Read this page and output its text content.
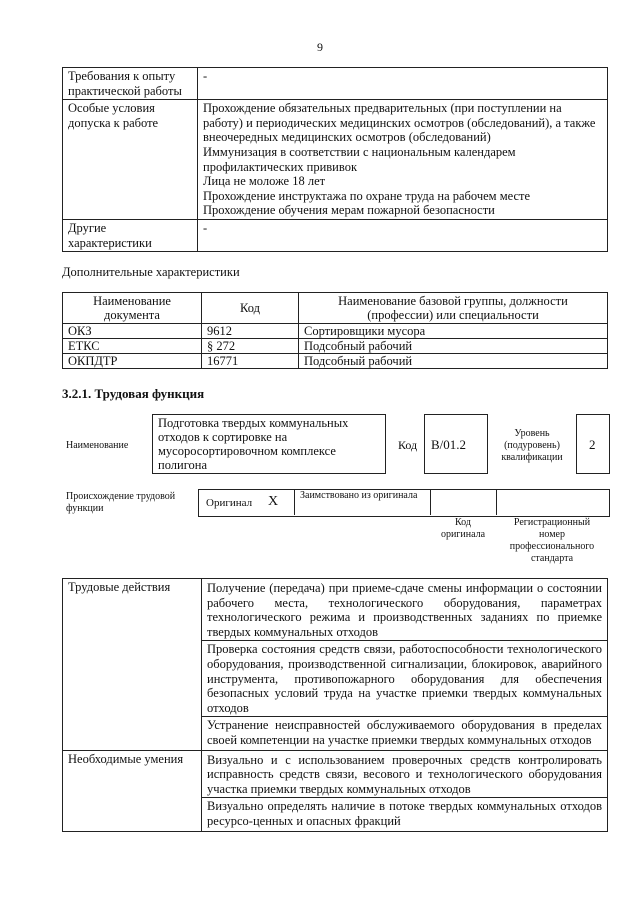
9
Требования к опыту практической работы	-

Особые условия допуска к работе	Прохождение обязательных предварительных (при поступлении на работу) и периодических медицинских осмотров (обследований), а также внеочередных медицинских осмотров (обследований)

Иммунизация в соответствии с национальным календарем профилактических прививок

Лица не моложе 18 лет

Прохождение инструктажа по охране труда на рабочем месте

Прохождение обучения мерам пожарной безопасности

Другие характеристики	-

Дополнительные характеристики
Наименование документа	Код	Наименование базовой группы, должности (профессии) или специальности
ОКЗ	9612	Сортировщики мусора
ЕТКС	§ 272	Подсобный рабочий
ОКПДТР	16771	Подсобный рабочий
3.2.1. Трудовая функция
Наименование
Подготовка твердых коммунальных отходов к сортировке на мусоросортировочном комплексе полигона
Код	В/01.2
Уровень (подуровень) квалификации
2
Происхождение трудовой функции	Оригинал X Заимствовано из оригинала
Код оригинала
Регистрационный номер профессионального стандарта
Трудовые действия	Получение (передача) при приеме-сдаче смены информации о состоянии рабочего места, технологического оборудования, параметрах технологического режима и производственных заданиях по приемке твердых коммунальных отходов

Проверка состояния средств связи, работоспособности технологического оборудования, производственной сигнализации, блокировок, аварийного инструмента, противопожарного оборудования для обеспечения безопасных условий труда на участке приемки твердых коммунальных отходов

Устранение неисправностей обслуживаемого оборудования в пределах своей компетенции на участке приемки твердых коммунальных отходов

Необходимые умения	Визуально и с использованием проверочных средств контролировать исправность средств связи, весового и технологического оборудования участка приемки твердых коммунальных отходов

Визуально определять наличие в потоке твердых коммунальных отходов ресурсо-ценных и опасных фракций
